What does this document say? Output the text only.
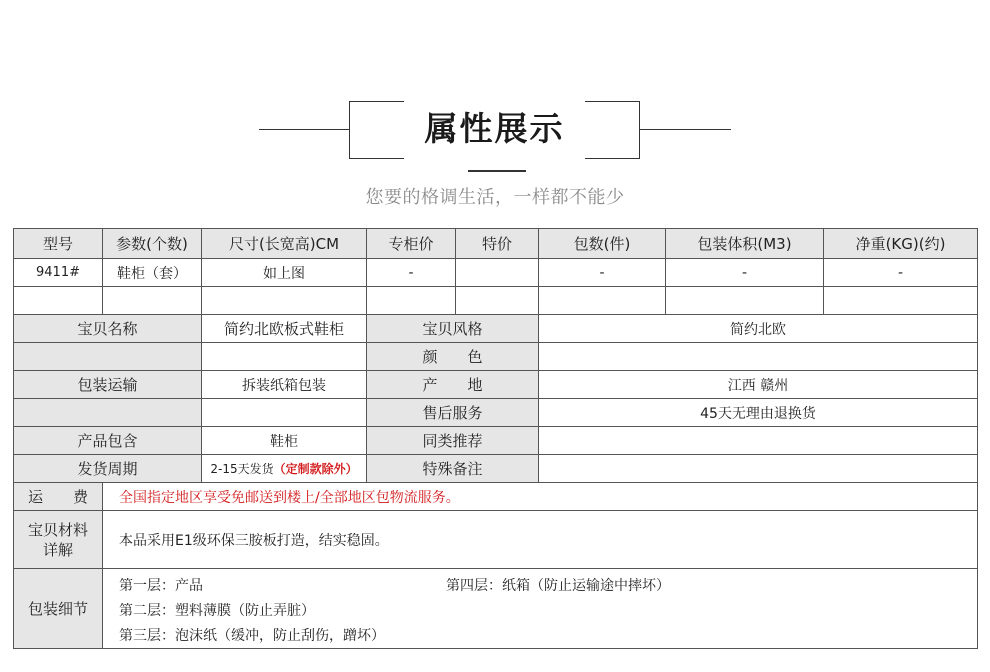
属性展示
您要的格调生活，一样都不能少
型号	参数(个数)	尺寸(长宽高)CM	专柜价	特价	包数(件)	包装体积(M3)	净重(KG)(约)
9411#	鞋柜（套）	如上图	-		-	-	-

宝贝名称		简约北欧板式鞋柜	宝贝风格		简约北欧		
			颜　　色				
包装运输		拆装纸箱包装	产　　地		江西 赣州		
			售后服务		45天无理由退换货		
产品包含		鞋柜	同类推荐				
发货周期		2-15天发货（定制款除外）	特殊备注				
运　　费	全国指定地区享受免邮送到楼上/全部地区包物流服务。						
宝贝材料详解	本品采用E1级环保三胺板打造，结实稳固。						
包装细节	第一层：产品
第二层：塑料薄膜（防止弄脏）
第三层：泡沫纸（缓冲，防止刮伤，蹭坏）
第四层：纸箱（防止运输途中摔坏）						
